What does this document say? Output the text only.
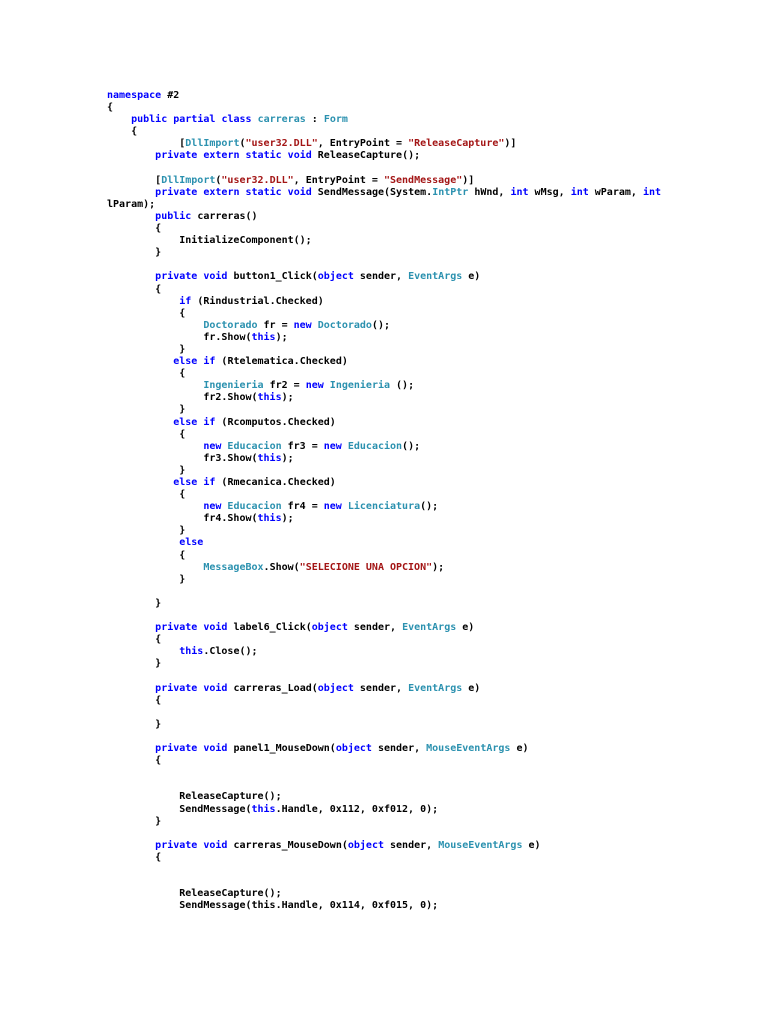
namespace #2
{
public partial class carreras : Form
{
[DllImport("user32.DLL", EntryPoint = "ReleaseCapture")]
private extern static void ReleaseCapture();

[DllImport("user32.DLL", EntryPoint = "SendMessage")]
private extern static void SendMessage(System.IntPtr hWnd, int wMsg, int wParam, int
lParam);
public carreras()
{
InitializeComponent();
}

private void button1_Click(object sender, EventArgs e)
{
if (Rindustrial.Checked)
{
Doctorado fr = new Doctorado();
fr.Show(this);
}
else if (Rtelematica.Checked)
{
Ingenieria fr2 = new Ingenieria ();
fr2.Show(this);
}
else if (Rcomputos.Checked)
{
new Educacion fr3 = new Educacion();
fr3.Show(this);
}
else if (Rmecanica.Checked)
{
new Educacion fr4 = new Licenciatura();
fr4.Show(this);
}
else
{
MessageBox.Show("SELECIONE UNA OPCION");
}

}

private void label6_Click(object sender, EventArgs e)
{
this.Close();
}

private void carreras_Load(object sender, EventArgs e)
{

}

private void panel1_MouseDown(object sender, MouseEventArgs e)
{

ReleaseCapture();
SendMessage(this.Handle, 0x112, 0xf012, 0);
}

private void carreras_MouseDown(object sender, MouseEventArgs e)
{

ReleaseCapture();
SendMessage(this.Handle, 0x114, 0xf015, 0);
